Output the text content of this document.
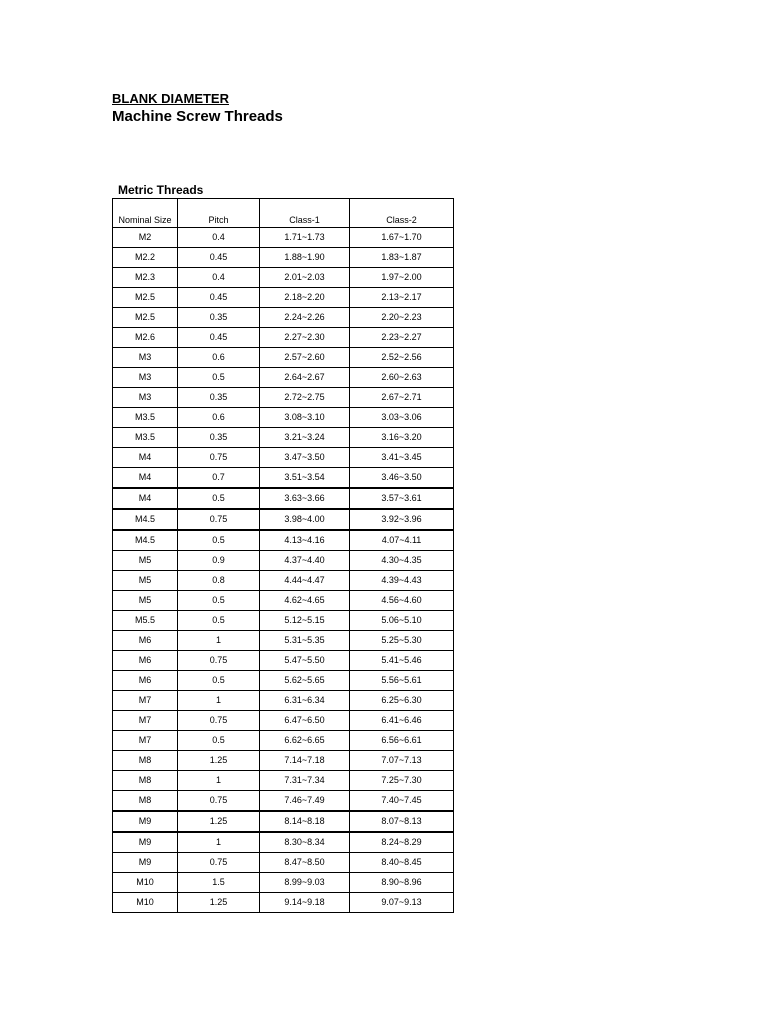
BLANK DIAMETER
Machine Screw Threads
Metric Threads
Nominal Size	Pitch	Class-1	Class-2
M2	0.4	1.71~1.73	1.67~1.70
M2.2	0.45	1.88~1.90	1.83~1.87
M2.3	0.4	2.01~2.03	1.97~2.00
M2.5	0.45	2.18~2.20	2.13~2.17
M2.5	0.35	2.24~2.26	2.20~2.23
M2.6	0.45	2.27~2.30	2.23~2.27
M3	0.6	2.57~2.60	2.52~2.56
M3	0.5	2.64~2.67	2.60~2.63
M3	0.35	2.72~2.75	2.67~2.71
M3.5	0.6	3.08~3.10	3.03~3.06
M3.5	0.35	3.21~3.24	3.16~3.20
M4	0.75	3.47~3.50	3.41~3.45
M4	0.7	3.51~3.54	3.46~3.50
M4	0.5	3.63~3.66	3.57~3.61
M4.5	0.75	3.98~4.00	3.92~3.96
M4.5	0.5	4.13~4.16	4.07~4.11
M5	0.9	4.37~4.40	4.30~4.35
M5	0.8	4.44~4.47	4.39~4.43
M5	0.5	4.62~4.65	4.56~4.60
M5.5	0.5	5.12~5.15	5.06~5.10
M6	1	5.31~5.35	5.25~5.30
M6	0.75	5.47~5.50	5.41~5.46
M6	0.5	5.62~5.65	5.56~5.61
M7	1	6.31~6.34	6.25~6.30
M7	0.75	6.47~6.50	6.41~6.46
M7	0.5	6.62~6.65	6.56~6.61
M8	1.25	7.14~7.18	7.07~7.13
M8	1	7.31~7.34	7.25~7.30
M8	0.75	7.46~7.49	7.40~7.45
M9	1.25	8.14~8.18	8.07~8.13
M9	1	8.30~8.34	8.24~8.29
M9	0.75	8.47~8.50	8.40~8.45
M10	1.5	8.99~9.03	8.90~8.96
M10	1.25	9.14~9.18	9.07~9.13
